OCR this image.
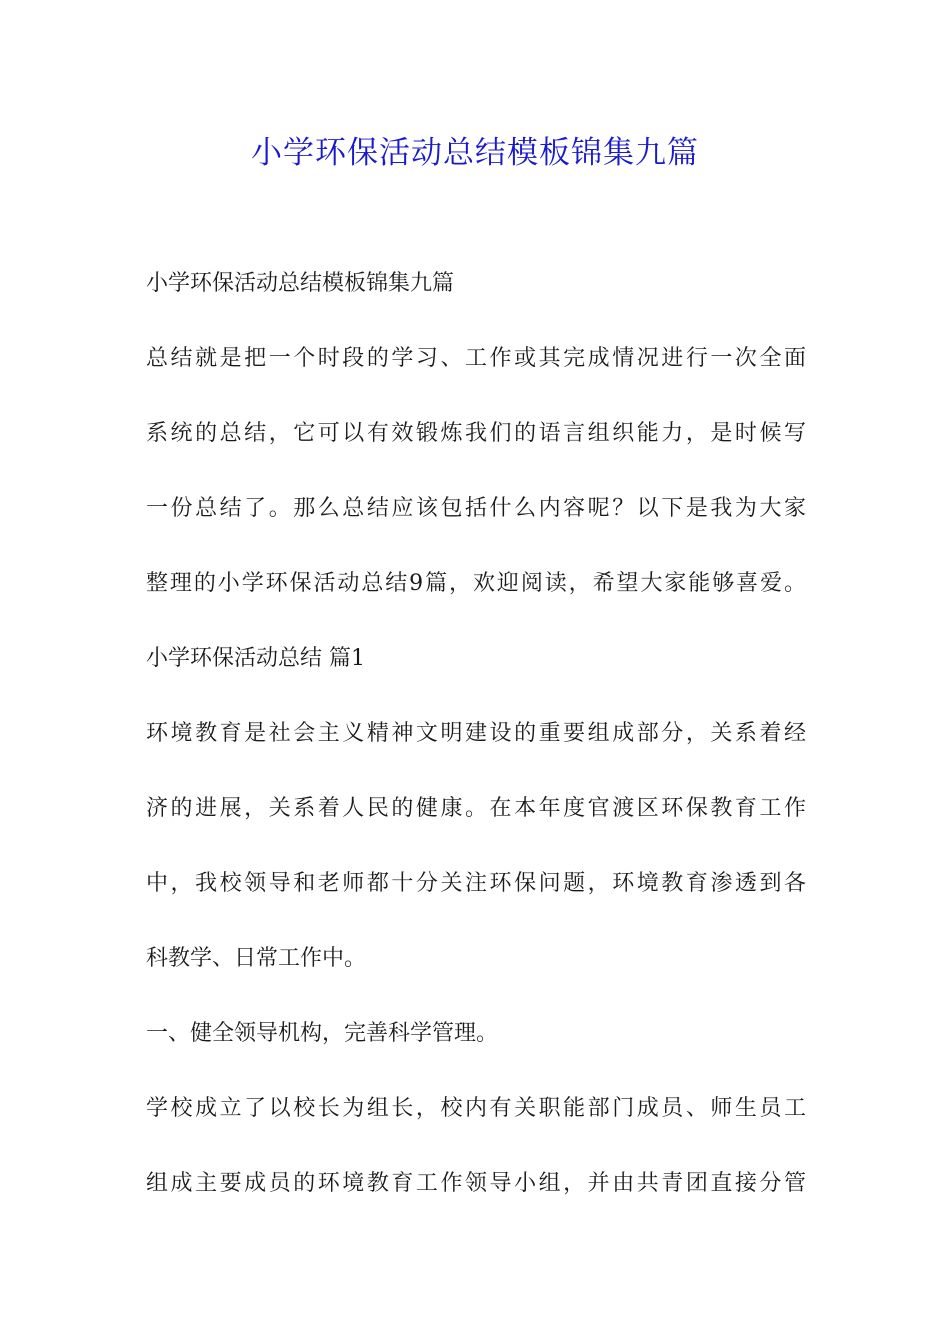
小学环保活动总结模板锦集九篇
小学环保活动总结模板锦集九篇
总结就是把一个时段的学习、工作或其完成情况进行一次全面
系统的总结，它可以有效锻炼我们的语言组织能力，是时候写
一份总结了。那么总结应该包括什么内容呢？以下是我为大家
整理的小学环保活动总结9篇，欢迎阅读，希望大家能够喜爱。
小学环保活动总结 篇1
环境教育是社会主义精神文明建设的重要组成部分，关系着经
济的进展，关系着人民的健康。在本年度官渡区环保教育工作
中，我校领导和老师都十分关注环保问题，环境教育渗透到各
科教学、日常工作中。
一、健全领导机构，完善科学管理。
学校成立了以校长为组长，校内有关职能部门成员、师生员工
组成主要成员的环境教育工作领导小组，并由共青团直接分管
